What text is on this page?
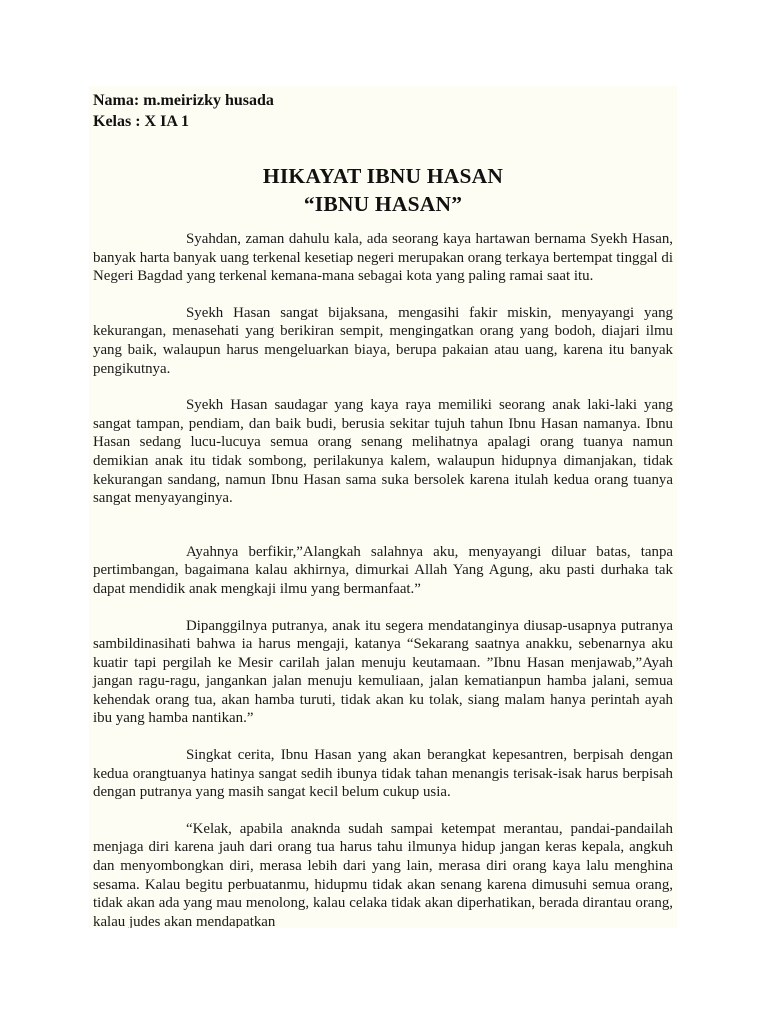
Nama: m.meirizky husada

Kelas : X IA 1

HIKAYAT IBNU HASAN

“IBNU HASAN”

Syahdan, zaman dahulu kala, ada seorang kaya hartawan bernama Syekh Hasan, banyak harta banyak uang terkenal kesetiap negeri merupakan orang terkaya bertempat tinggal di Negeri Bagdad yang terkenal kemana-mana sebagai kota yang paling ramai saat itu.

Syekh Hasan sangat bijaksana, mengasihi fakir miskin, menyayangi yang kekurangan, menasehati yang berikiran sempit, mengingatkan orang yang bodoh, diajari ilmu yang baik, walaupun harus mengeluarkan biaya, berupa pakaian atau uang, karena itu banyak pengikutnya.

Syekh Hasan saudagar yang kaya raya memiliki seorang anak laki-laki yang sangat tampan, pendiam, dan baik budi, berusia sekitar tujuh tahun Ibnu Hasan namanya. Ibnu Hasan sedang lucu-lucuya semua orang senang melihatnya apalagi orang tuanya namun demikian anak itu tidak sombong, perilakunya kalem, walaupun hidupnya dimanjakan, tidak kekurangan sandang, namun Ibnu Hasan sama suka bersolek karena itulah kedua orang tuanya sangat menyayanginya.

Ayahnya berfikir,”Alangkah salahnya aku, menyayangi diluar batas, tanpa pertimbangan, bagaimana kalau akhirnya, dimurkai Allah Yang Agung, aku pasti durhaka tak dapat mendidik anak mengkaji ilmu yang bermanfaat.”

Dipanggilnya putranya, anak itu segera mendatanginya diusap-usapnya putranya sambildinasihati bahwa ia harus mengaji, katanya “Sekarang saatnya anakku, sebenarnya aku kuatir tapi pergilah ke Mesir carilah jalan menuju keutamaan. ”Ibnu Hasan menjawab,”Ayah jangan ragu-ragu, jangankan jalan menuju kemuliaan, jalan kematianpun hamba jalani, semua kehendak orang tua, akan hamba turuti, tidak akan ku tolak, siang malam hanya perintah ayah ibu yang hamba nantikan.”

Singkat cerita, Ibnu Hasan yang akan berangkat kepesantren, berpisah dengan kedua orangtuanya hatinya sangat sedih ibunya tidak tahan menangis terisak-isak harus berpisah dengan putranya yang masih sangat kecil belum cukup usia.

“Kelak, apabila anaknda sudah sampai ketempat merantau, pandai-pandailah menjaga diri karena jauh dari orang tua harus tahu ilmunya hidup jangan keras kepala, angkuh dan menyombongkan diri, merasa lebih dari yang lain, merasa diri orang kaya lalu menghina sesama. Kalau begitu perbuatanmu, hidupmu tidak akan senang karena dimusuhi semua orang, tidak akan ada yang mau menolong, kalau celaka tidak akan diperhatikan, berada dirantau orang, kalau judes akan mendapatkan
